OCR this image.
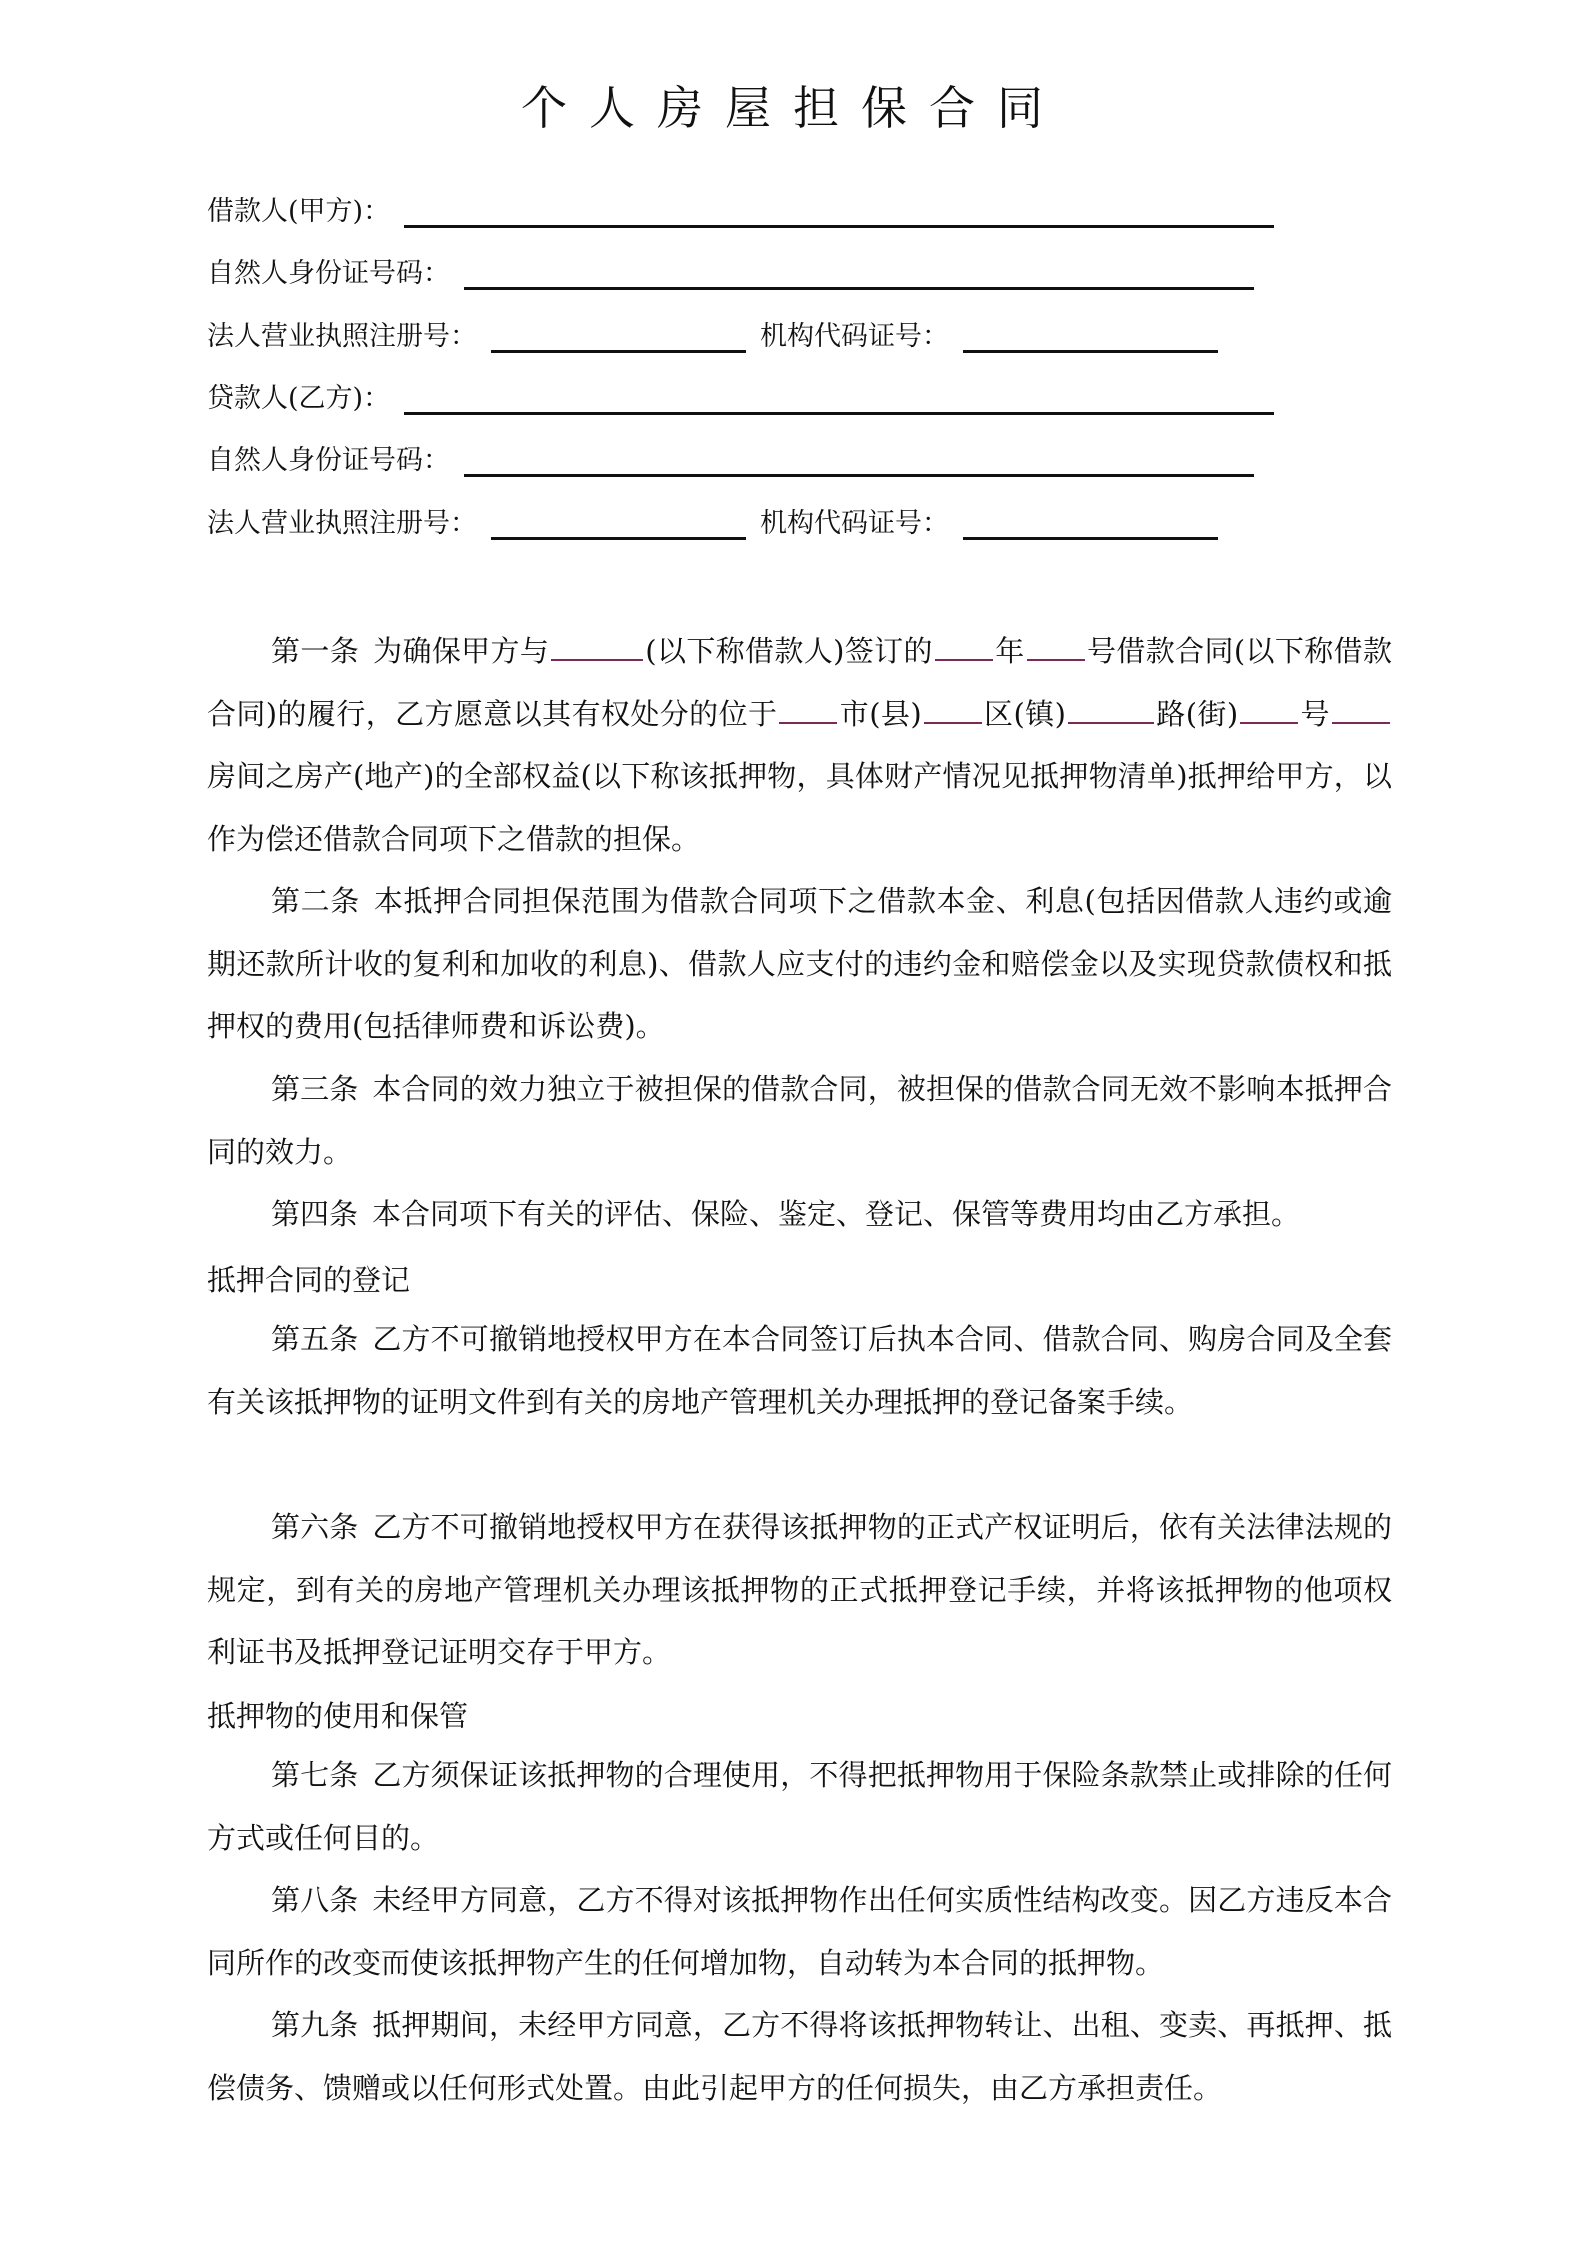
个人房屋担保合同
借款人(甲方)：
自然人身份证号码：
法人营业执照注册号：	机构代码证号：
贷款人(乙方)：
自然人身份证号码：
法人营业执照注册号：	机构代码证号：
第一条 为确保甲方与	(以下称借款人)签订的 年 号借款合同(以下称借款合同)的履行，乙方愿意以其有权处分的位于 市(县) 区(镇)	路(街) 号房间之房产(地产)的全部权益(以下称该抵押物，具体财产情况见抵押物清单)抵押给甲方，以作为偿还借款合同项下之借款的担保。
第二条 本抵押合同担保范围为借款合同项下之借款本金、利息(包括因借款人违约或逾期还款所计收的复利和加收的利息)、借款人应支付的违约金和赔偿金以及实现贷款债权和抵押权的费用(包括律师费和诉讼费)。
第三条 本合同的效力独立于被担保的借款合同，被担保的借款合同无效不影响本抵押合同的效力。
第四条 本合同项下有关的评估、保险、鉴定、登记、保管等费用均由乙方承担。
抵押合同的登记
第五条 乙方不可撤销地授权甲方在本合同签订后执本合同、借款合同、购房合同及全套有关该抵押物的证明文件到有关的房地产管理机关办理抵押的登记备案手续。
第六条 乙方不可撤销地授权甲方在获得该抵押物的正式产权证明后，依有关法律法规的规定，到有关的房地产管理机关办理该抵押物的正式抵押登记手续，并将该抵押物的他项权利证书及抵押登记证明交存于甲方。
抵押物的使用和保管
第七条 乙方须保证该抵押物的合理使用，不得把抵押物用于保险条款禁止或排除的任何方式或任何目的。
第八条 未经甲方同意，乙方不得对该抵押物作出任何实质性结构改变。因乙方违反本合同所作的改变而使该抵押物产生的任何增加物，自动转为本合同的抵押物。
第九条 抵押期间，未经甲方同意，乙方不得将该抵押物转让、出租、变卖、再抵押、抵偿债务、馈赠或以任何形式处置。由此引起甲方的任何损失，由乙方承担责任。
